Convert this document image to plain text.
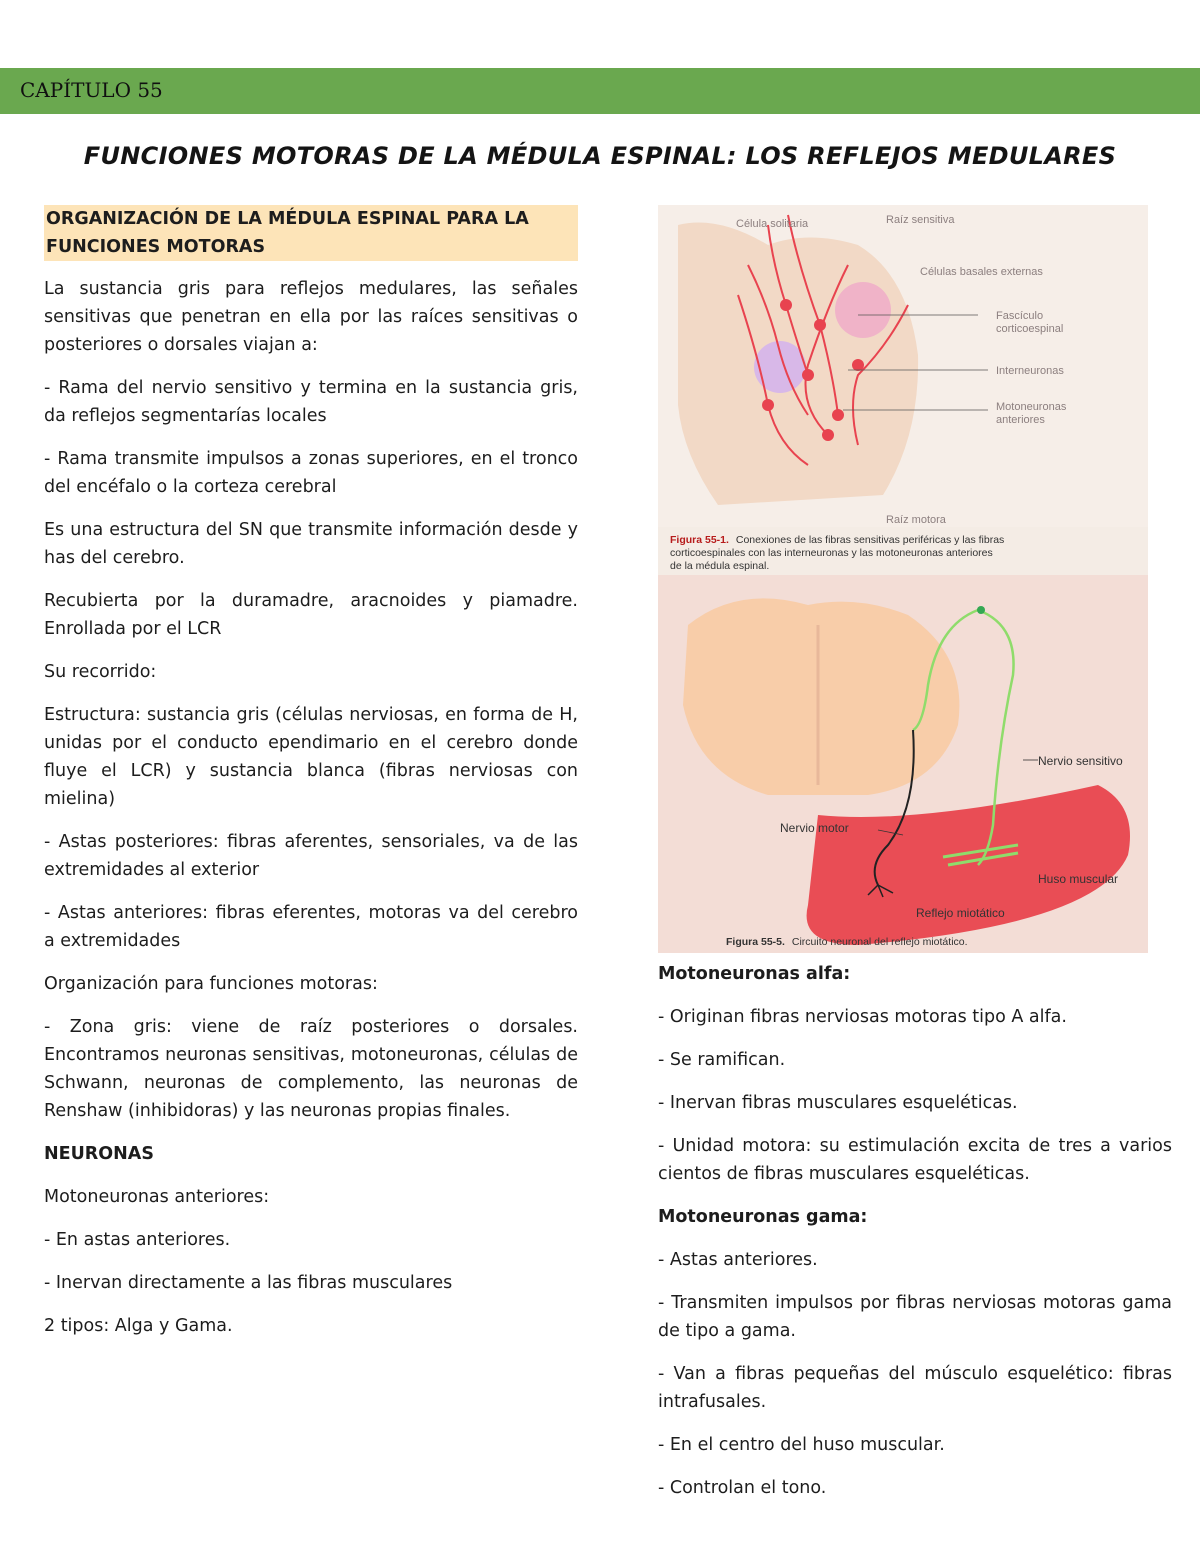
CAPÍTULO 55
FUNCIONES MOTORAS DE LA MÉDULA ESPINAL: LOS REFLEJOS MEDULARES
ORGANIZACIÓN DE LA MÉDULA ESPINAL PARA LA FUNCIONES MOTORAS

La sustancia gris para reflejos medulares, las señales sensitivas que penetran en ella por las raíces sensitivas o posteriores o dorsales viajan a:

- Rama del nervio sensitivo y termina en la sustancia gris, da reflejos segmentarías locales

- Rama transmite impulsos a zonas superiores, en el tronco del encéfalo o la corteza cerebral

Es una estructura del SN que transmite información desde y has del cerebro.

Recubierta por la duramadre, aracnoides y piamadre. Enrollada por el LCR

Su recorrido:

Estructura: sustancia gris (células nerviosas, en forma de H, unidas por el conducto ependimario en el cerebro donde fluye el LCR) y sustancia blanca (fibras nerviosas con mielina)

- Astas posteriores: fibras aferentes, sensoriales, va de las extremidades al exterior

- Astas anteriores: fibras eferentes, motoras va del cerebro a extremidades

Organización para funciones motoras:

- Zona gris: viene de raíz posteriores o dorsales. Encontramos neuronas sensitivas, motoneuronas, células de Schwann, neuronas de complemento, las neuronas de Renshaw (inhibidoras) y las neuronas propias finales.

NEURONAS

Motoneuronas anteriores:

- En astas anteriores.

- Inervan directamente a las fibras musculares

2 tipos: Alga y Gama.

Célula solitaria	Raíz sensitiva
Células basales externas
Fascículo
corticoespinal
Interneuronas
Motoneuronas
anteriores
Raíz motora
Figura 55-1. Conexiones de las fibras sensitivas periféricas y las fibras
corticoespinales con las interneuronas y las motoneuronas anteriores
de la médula espinal.
Nervio sensitivo
Nervio motor
Huso muscular
Reflejo miotático
Figura 55-5. Circuito neuronal del reflejo miotático.
Motoneuronas alfa:

- Originan fibras nerviosas motoras tipo A alfa.

- Se ramifican.

- Inervan fibras musculares esqueléticas.

- Unidad motora: su estimulación excita de tres a varios cientos de fibras musculares esqueléticas.

Motoneuronas gama:

- Astas anteriores.

- Transmiten impulsos por fibras nerviosas motoras gama de tipo a gama.

- Van a fibras pequeñas del músculo esquelético: fibras intrafusales.

- En el centro del huso muscular.

- Controlan el tono.
